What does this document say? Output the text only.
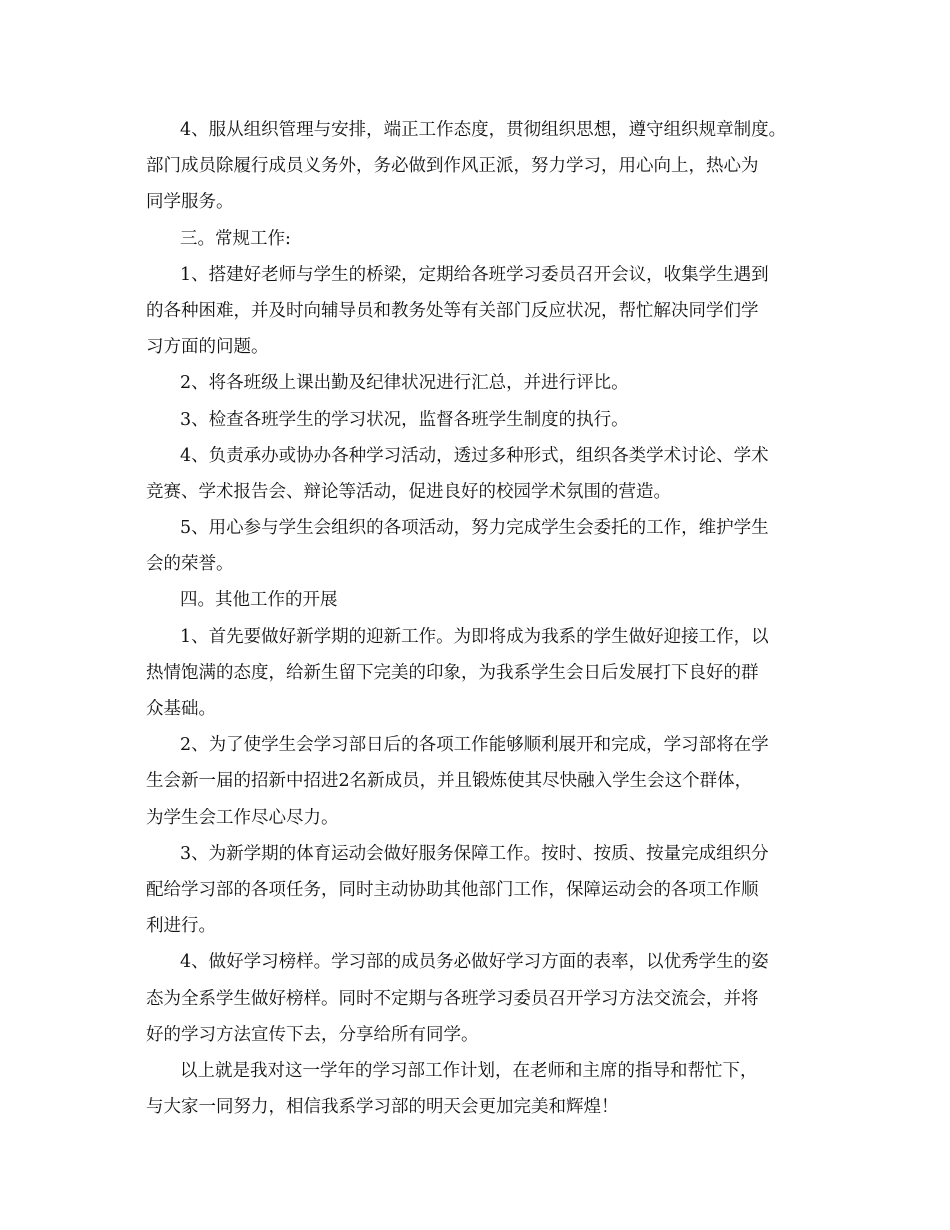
4、服从组织管理与安排，端正工作态度，贯彻组织思想，遵守组织规章制度。
部门成员除履行成员义务外，务必做到作风正派，努力学习，用心向上，热心为
同学服务。
三。常规工作:
1、搭建好老师与学生的桥梁，定期给各班学习委员召开会议，收集学生遇到
的各种困难，并及时向辅导员和教务处等有关部门反应状况，帮忙解决同学们学
习方面的问题。
2、将各班级上课出勤及纪律状况进行汇总，并进行评比。
3、检查各班学生的学习状况，监督各班学生制度的执行。
4、负责承办或协办各种学习活动，透过多种形式，组织各类学术讨论、学术
竞赛、学术报告会、辩论等活动，促进良好的校园学术氛围的营造。
5、用心参与学生会组织的各项活动，努力完成学生会委托的工作，维护学生
会的荣誉。
四。其他工作的开展
1、首先要做好新学期的迎新工作。为即将成为我系的学生做好迎接工作，以
热情饱满的态度，给新生留下完美的印象，为我系学生会日后发展打下良好的群
众基础。
2、为了使学生会学习部日后的各项工作能够顺利展开和完成，学习部将在学
生会新一届的招新中招进2名新成员，并且锻炼使其尽快融入学生会这个群体，
为学生会工作尽心尽力。
3、为新学期的体育运动会做好服务保障工作。按时、按质、按量完成组织分
配给学习部的各项任务，同时主动协助其他部门工作，保障运动会的各项工作顺
利进行。
4、做好学习榜样。学习部的成员务必做好学习方面的表率，以优秀学生的姿
态为全系学生做好榜样。同时不定期与各班学习委员召开学习方法交流会，并将
好的学习方法宣传下去，分享给所有同学。
以上就是我对这一学年的学习部工作计划，在老师和主席的指导和帮忙下，
与大家一同努力，相信我系学习部的明天会更加完美和辉煌！
